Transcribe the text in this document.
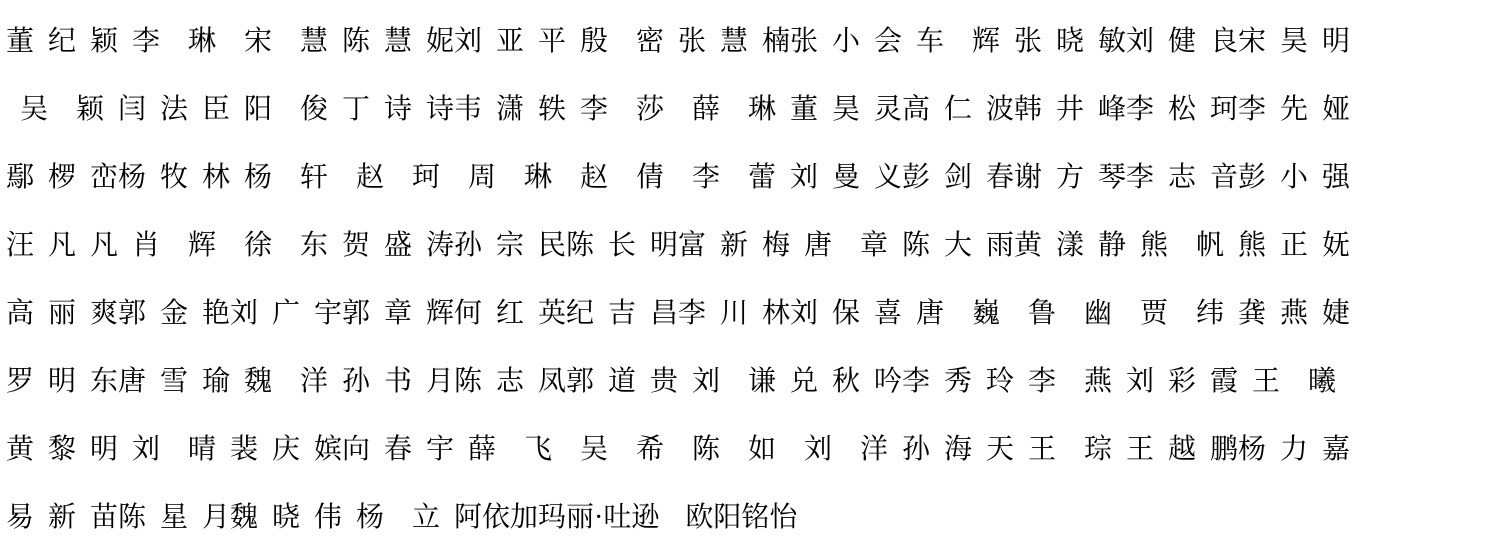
董纪颖 李 琳	宋 慧 陈慧妮 刘亚平 殷 密 张慧楠 张小会 车 辉 张晓敏 刘健良 宋昊明
吴 颖 闫法臣 阳 俊 丁诗诗 韦潇轶 李 莎	薛 琳 董昊灵 高仁波 韩井峰 李松珂 李先娅
鄢椤峦 杨牧林 杨 轩	赵 珂	周 琳	赵 倩	李 蕾 刘曼义 彭剑春 谢方琴 李志音 彭小强
汪凡凡 肖 辉	徐 东 贺盛涛 孙宗民 陈长明 富新梅 唐 章 陈大雨 黄漾静 熊 帆 熊正妩
高丽爽 郭金艳 刘广宇 郭章辉 何红英 纪吉昌 李川林 刘保喜 唐 巍	鲁 幽	贾 纬 龚燕婕
罗明东 唐雪瑜 魏 洋 孙书月 陈志凤 郭道贵 刘 谦 兑秋吟 李秀玲 李 燕 刘彩霞 王 曦
黄黎明 刘 晴 裴庆嫔 向春宇 薛 飞	吴 希	陈 如	刘 洋 孙海天 王 琮 王越鹏 杨力嘉
易新苗 陈星月 魏晓伟 杨 立 阿依加玛丽·吐逊 欧阳铭怡
